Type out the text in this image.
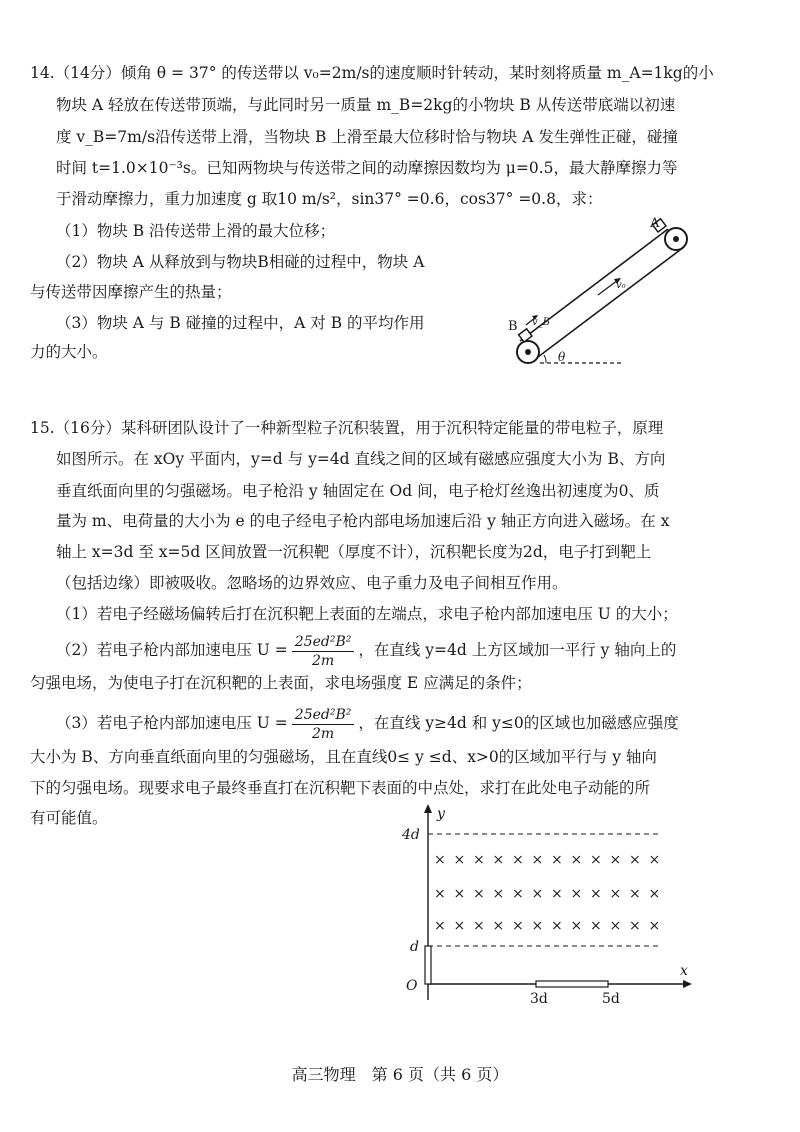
14.（14分）倾角 θ = 37° 的传送带以 v₀=2m/s的速度顺时针转动，某时刻将质量 m_A=1kg的小
物块 A 轻放在传送带顶端，与此同时另一质量 m_B=2kg的小物块 B 从传送带底端以初速
度 v_B=7m/s沿传送带上滑，当物块 B 上滑至最大位移时恰与物块 A 发生弹性正碰，碰撞
时间 t=1.0×10⁻³s。已知两物块与传送带之间的动摩擦因数均为 μ=0.5，最大静摩擦力等
于滑动摩擦力，重力加速度 g 取10 m/s²，sin37° =0.6，cos37° =0.8，求：
（1）物块 B 沿传送带上滑的最大位移；
（2）物块 A 从释放到与物块B相碰的过程中，物块 A
与传送带因摩擦产生的热量；
（3）物块 A 与 B 碰撞的过程中，A 对 B 的平均作用
力的大小。
A
B v_B
v₀
θ
15.（16分）某科研团队设计了一种新型粒子沉积装置，用于沉积特定能量的带电粒子，原理
如图所示。在 xOy 平面内，y=d 与 y=4d 直线之间的区域有磁感应强度大小为 B、方向
垂直纸面向里的匀强磁场。电子枪沿 y 轴固定在 Od 间，电子枪灯丝逸出初速度为0、质
量为 m、电荷量的大小为 e 的电子经电子枪内部电场加速后沿 y 轴正方向进入磁场。在 x
轴上 x=3d 至 x=5d 区间放置一沉积靶（厚度不计），沉积靶长度为2d，电子打到靶上
（包括边缘）即被吸收。忽略场的边界效应、电子重力及电子间相互作用。
（1）若电子经磁场偏转后打在沉积靶上表面的左端点，求电子枪内部加速电压 U 的大小；
（2）若电子枪内部加速电压 $U = \frac{\text{25ed²B²}}{2m}$ ，在直线 y=4d 上方区域加一平行 y 轴向上的
匀强电场，为使电子打在沉积靶的上表面，求电场强度 E 应满足的条件；
（3）若电子枪内部加速电压 $U = \frac{\text{25ed²B²}}{2m}$ ，在直线 y≥4d 和 y≤0的区域也加磁感应强度
大小为 B、方向垂直纸面向里的匀强磁场，且在直线0≤ y ≤d、x>0的区域加平行与 y 轴向
下的匀强电场。现要求电子最终垂直打在沉积靶下表面的中点处，求打在此处电子动能的所
有可能值。	y
x
4d
d
O
3d	5d
× × × × × × × × × × × ×
× × × × × × × × × × × ×
× × × × × × × × × × × ×
高三物理　第 6 页（共 6 页）
